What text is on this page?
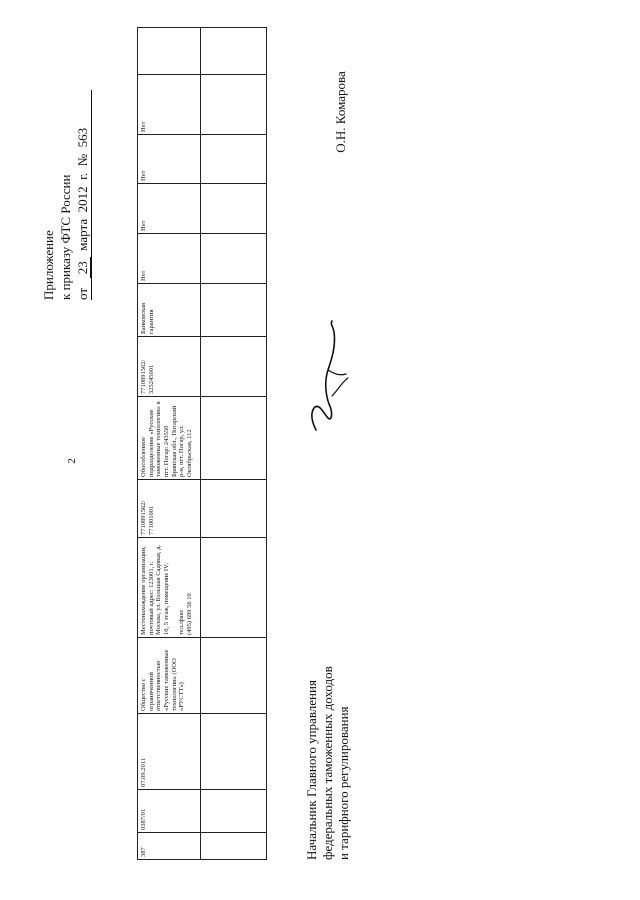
2
387	0387/01	07.09.2011	Общество с ограниченной ответственностью «Русские таможенные технологии» (ООО «РУСТТ»)	Местонахождение организации, почтовый адрес: 123001, г. Москва, ул. Большая Садовая, д. 10, 5 этаж, помещение IV;

тел./факс
(495) 699 56 10	7710891562/ 771001001	Обособленное подразделение «Русские таможенные технологии» в пгт. Погар: 243550 Брянская обл., Погарский р-н, пгт. Погар, ул. Октябрьская, 112	7710891562/ 325245001	Банковская гарантия	Нет	Нет	Нет	Нет	

Приложение к приказу ФТС России от   23  марта  2012  г.  №  563
Начальник Главного управления федеральных таможенных доходов и тарифного регулирования
О.Н. Комарова
